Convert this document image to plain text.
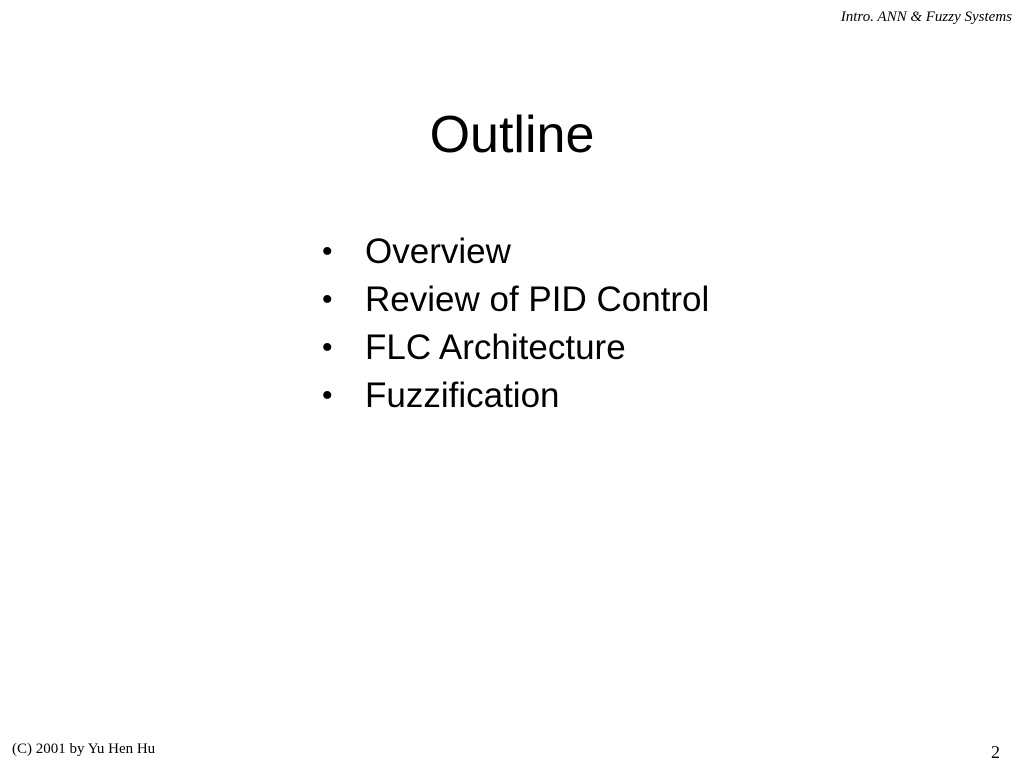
Intro. ANN & Fuzzy Systems
Outline
• Overview
• Review of PID Control
• FLC Architecture
• Fuzzification
(C) 2001 by Yu Hen Hu	2
